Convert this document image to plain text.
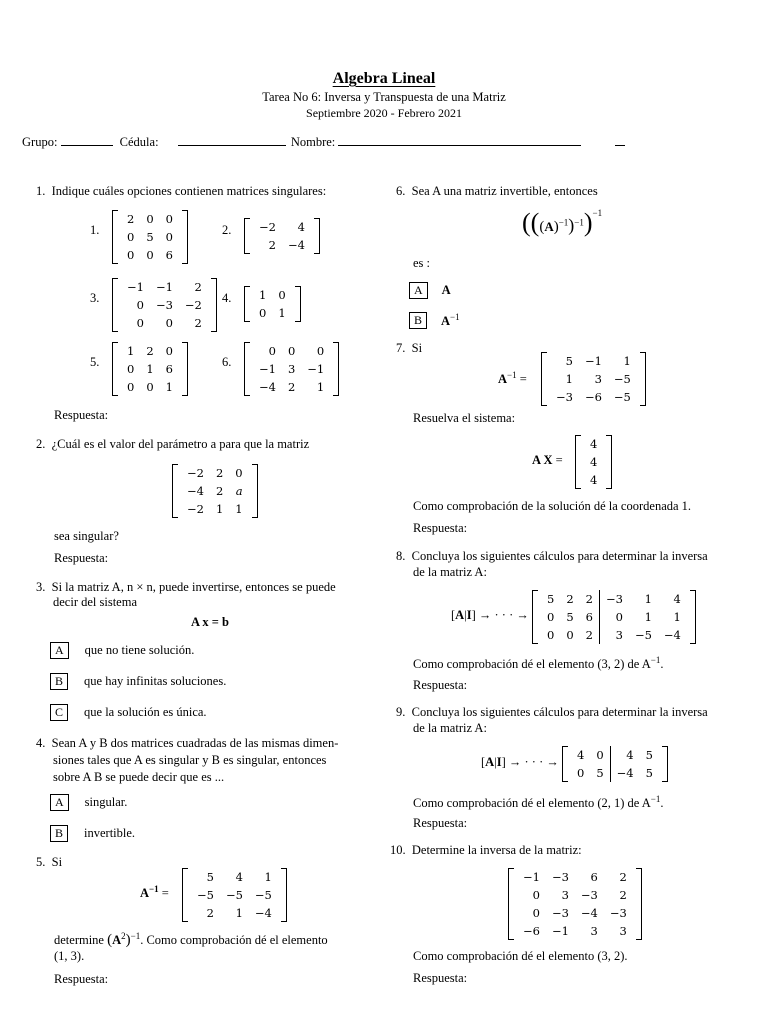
Algebra Lineal
Tarea No 6: Inversa y Transpuesta de una Matriz
Septiembre 2020 - Febrero 2021
Grupo:	Cédula:	Nombre:
1. Indique cuáles opciones contienen matrices singulares:
1.
2	0	0
0	5	0
0	0	6
2. −2	4
2	−4
3.
−1	−1	2
0	−3	−2
0	0	2
4. 1	0
0	1
5.
1	2	0
0	1	6
0	0	1
6.
0	0	0
−1	3	−1
−4	2	1
Respuesta:
2. ¿Cuál es el valor del parámetro a para que la matriz
−2	2	0
−4	2	a
−2	1	1
sea singular?
Respuesta:
3. Si la matriz A, n × n, puede invertirse, entonces se puede
decir del sistema
A x = b
A	que no tiene solución.
B	que hay infinitas soluciones.
C	que la solución es única.
4. Sean A y B dos matrices cuadradas de las mismas dimen-
siones tales que A es singular y B es singular, entonces
sobre A B se puede decir que es ...
A	singular.
B	invertible.
5. Si
$A^{-1}$ =
5	4	1
−5	−5	−5
2	1	−4
determine $(A^2)^{-1}$. Como comprobación dé el elemento
(1, 3).
Respuesta:
6. Sea A una matriz invertible, entonces
$(((A)^{-1})^{-1})^{-1}$
es :
A	A
B	$A^{-1}$
7. Si
$A^{-1}$ =
5	−1	1
1	3	−5
−3	−6	−5
Resuelva el sistema:
A X =
4
4
4
Como comprobación de la solución dé la coordenada 1.
Respuesta:
8. Concluya los siguientes cálculos para determinar la inversa
de la matriz A:
[A|I] → · · · →
5	2	2	−3	1	4
0	5	6	0	1	1
0	0	2	3	−5	−4
Como comprobación dé el elemento (3, 2) de $A^{-1}$.
Respuesta:
9. Concluya los siguientes cálculos para determinar la inversa
de la matriz A:
[A|I] → · · · → 4	0	4	5
0	5	−4	5
Como comprobación dé el elemento (2, 1) de $A^{-1}$.
Respuesta:
10. Determine la inversa de la matriz:
−1	−3	6	2
0	3	−3	2
0	−3	−4	−3
−6	−1	3	3
Como comprobación dé el elemento (3, 2).
Respuesta:
